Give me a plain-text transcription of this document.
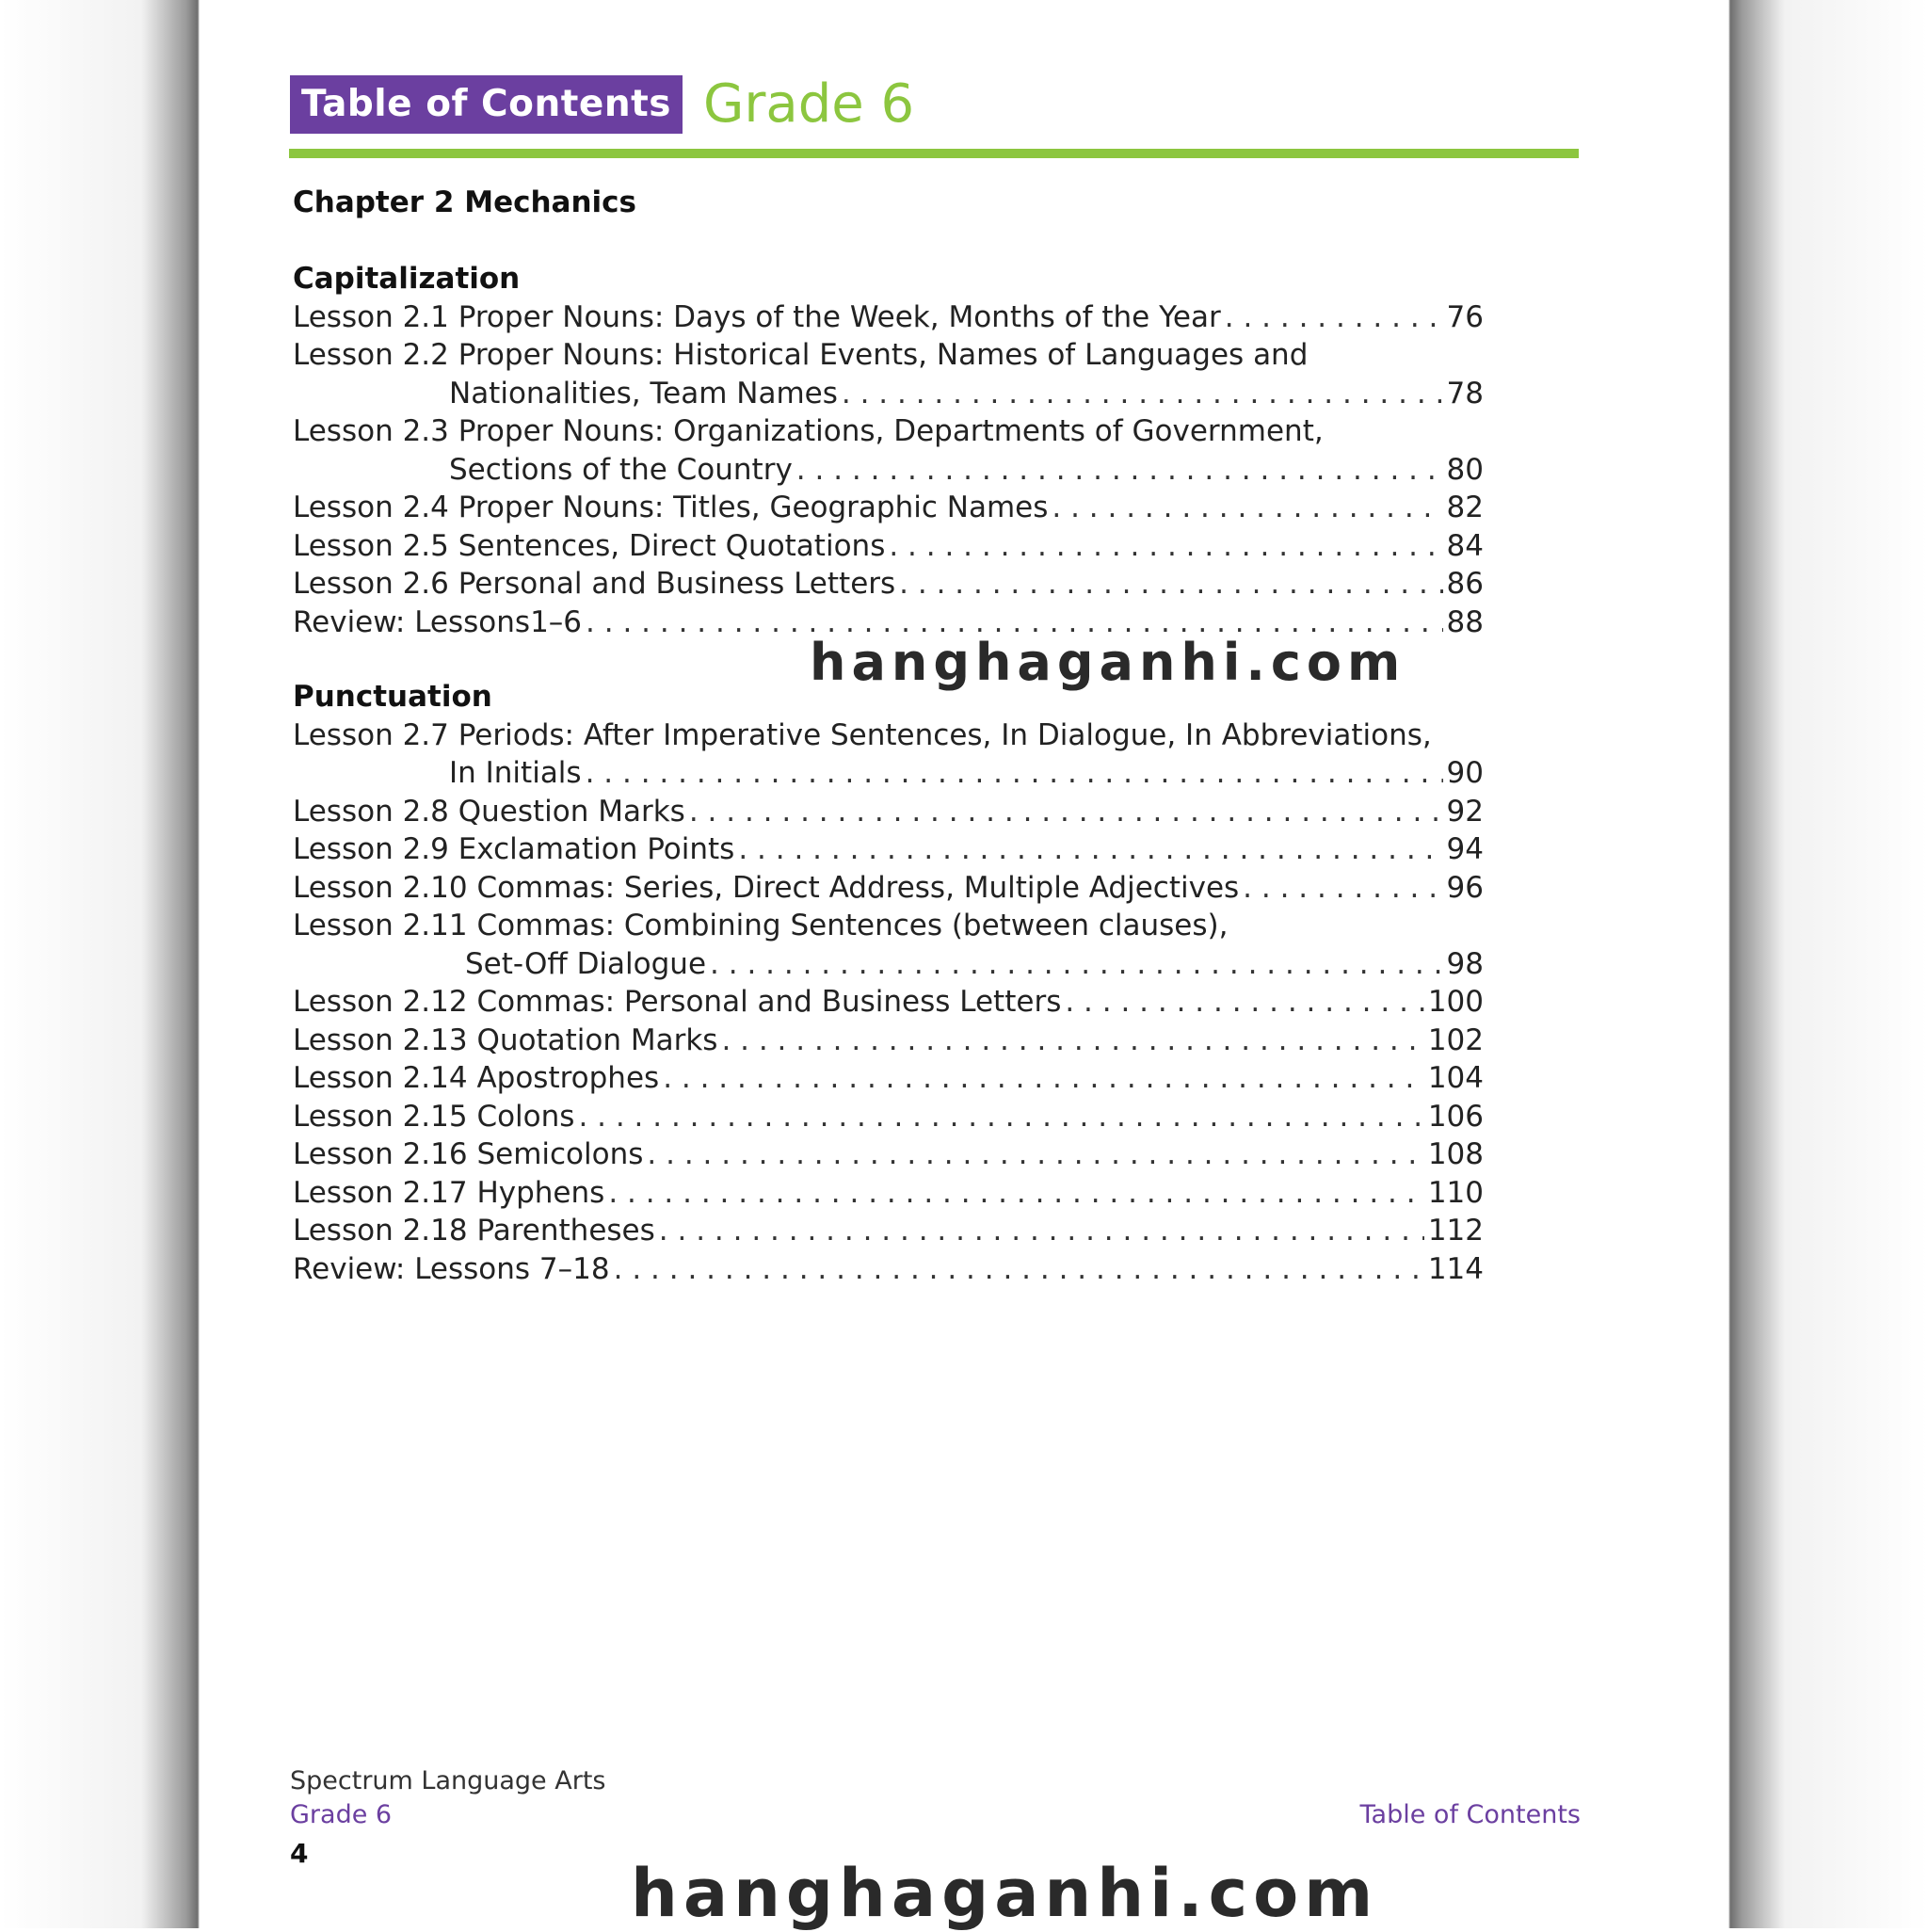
Table of Contents Grade 6
Chapter 2 Mechanics
Capitalization
Lesson 2.1 Proper Nouns: Days of the Week, Months of the Year . . .	76
Lesson 2.2 Proper Nouns: Historical Events, Names of Languages and
Nationalities, Team Names . . .	78
Lesson 2.3 Proper Nouns: Organizations, Departments of Government,
Sections of the Country . . .	80
Lesson 2.4 Proper Nouns: Titles, Geographic Names . . .	82
Lesson 2.5 Sentences, Direct Quotations . . .	84
Lesson 2.6 Personal and Business Letters . . .	86
Review: Lessons1–6 . . .	88
Punctuation
Lesson 2.7 Periods: After Imperative Sentences, In Dialogue, In Abbreviations,
In Initials . . .	90
Lesson 2.8 Question Marks . . .	92
Lesson 2.9 Exclamation Points . . .	94
Lesson 2.10 Commas: Series, Direct Address, Multiple Adjectives . . .	96
Lesson 2.11 Commas: Combining Sentences (between clauses),
Set-Off Dialogue . . .	98
Lesson 2.12 Commas: Personal and Business Letters . . .	100
Lesson 2.13 Quotation Marks . . .	102
Lesson 2.14 Apostrophes . . .	104
Lesson 2.15 Colons . . .	106
Lesson 2.16 Semicolons . . .	108
Lesson 2.17 Hyphens . . .	110
Lesson 2.18 Parentheses . . .	112
Review: Lessons 7–18 . . .	114
hanghaganhi.com
hanghaganhi.com
Spectrum Language Arts
Grade 6
4
Table of Contents
